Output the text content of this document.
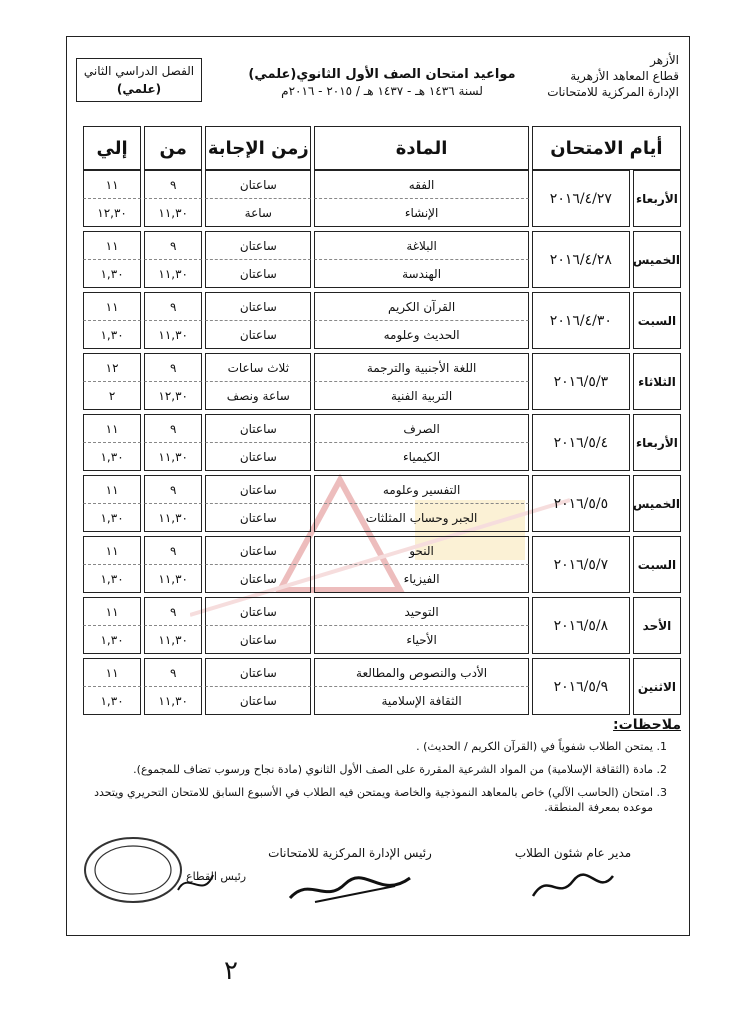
الأزهر
قطاع المعاهد الأزهرية
الإدارة المركزية للامتحانات
مواعيد امتحان الصف الأول الثانوي(علمي)
لسنة ١٤٣٦ هـ - ١٤٣٧ هـ / ٢٠١٥ - ٢٠١٦م
الفصل الدراسي الثاني
(علمي)
أيام الامتحان		المادة	زمن الإجابة	من	إلي
الأربعاء	٢٠١٦/٤/٢٧	الفقه	ساعتان	٩	١١
		الإنشاء	ساعة	١١,٣٠	١٢,٣٠

الخميس	٢٠١٦/٤/٢٨	البلاغة	ساعتان	٩	١١
		الهندسة	ساعتان	١١,٣٠	١,٣٠

السبت	٢٠١٦/٤/٣٠	القرآن الكريم	ساعتان	٩	١١
		الحديث وعلومه	ساعتان	١١,٣٠	١,٣٠

الثلاثاء	٢٠١٦/٥/٣	اللغة الأجنبية والترجمة	ثلاث ساعات	٩	١٢
		التربية الفنية	ساعة ونصف	١٢,٣٠	٢

الأربعاء	٢٠١٦/٥/٤	الصرف	ساعتان	٩	١١
		الكيمياء	ساعتان	١١,٣٠	١,٣٠

الخميس	٢٠١٦/٥/٥	التفسير وعلومه	ساعتان	٩	١١
		الجبر وحساب المثلثات	ساعتان	١١,٣٠	١,٣٠

السبت	٢٠١٦/٥/٧	النحو	ساعتان	٩	١١
		الفيزياء	ساعتان	١١,٣٠	١,٣٠

الأحد	٢٠١٦/٥/٨	التوحيد	ساعتان	٩	١١
		الأحياء	ساعتان	١١,٣٠	١,٣٠

الاثنين	٢٠١٦/٥/٩	الأدب والنصوص والمطالعة	ساعتان	٩	١١
		الثقافة الإسلامية	ساعتان	١١,٣٠	١,٣٠
ملاحظات:
1. يمتحن الطلاب شفوياً في (القرآن الكريم / الحديث) .
2. مادة (الثقافة الإسلامية) من المواد الشرعية المقررة على الصف الأول الثانوي (مادة نجاح ورسوب تضاف للمجموع).
3. امتحان (الحاسب الآلي) خاص بالمعاهد النموذجية والخاصة ويمتحن فيه الطلاب في الأسبوع السابق للامتحان التحريري ويتحدد موعده بمعرفة المنطقة.
مدير عام شئون الطلاب
رئيس الإدارة المركزية للامتحانات
رئيس القطاع
٢
